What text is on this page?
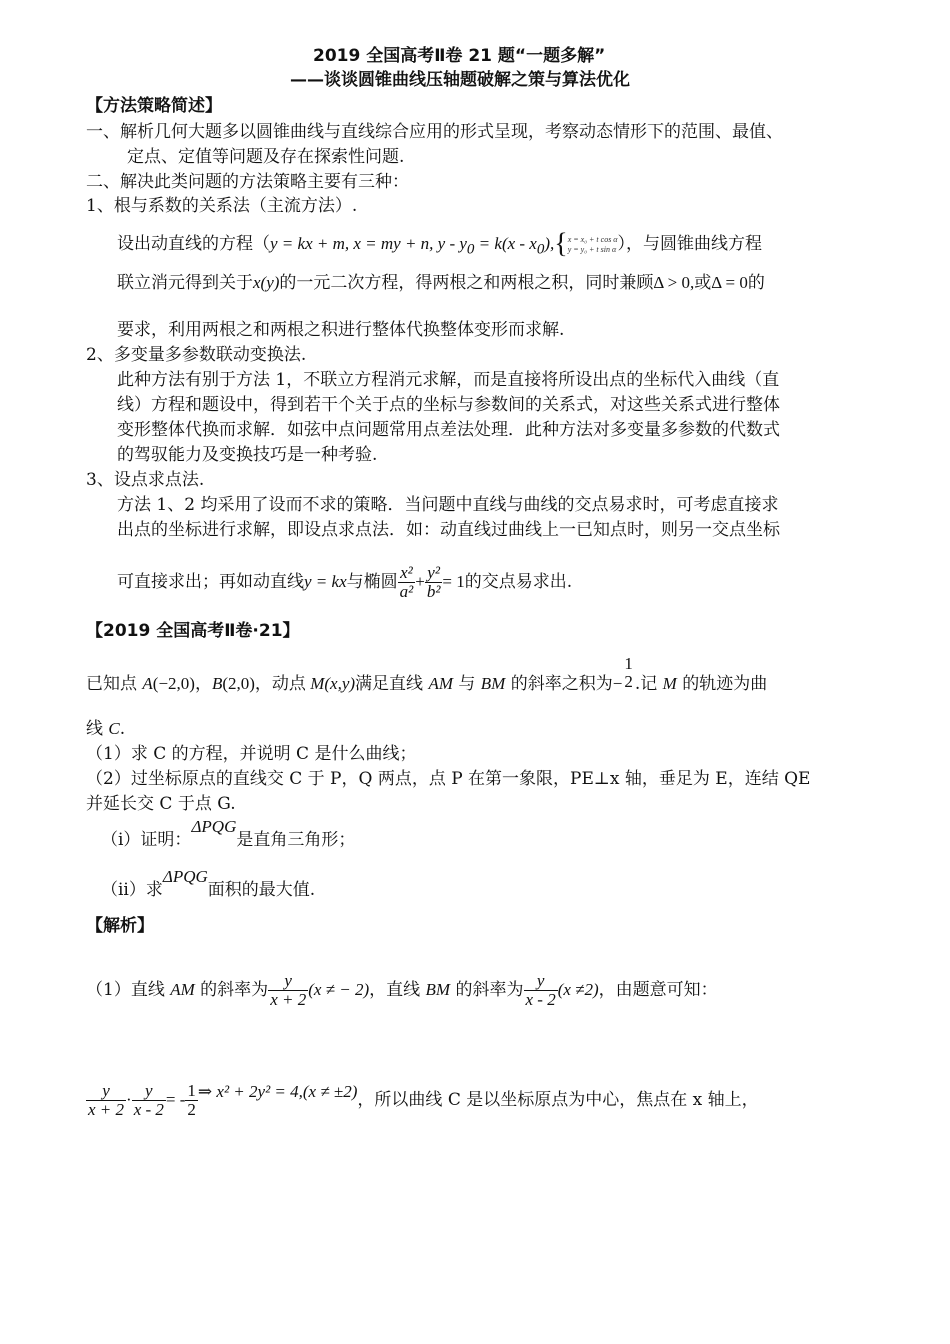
2019 全国高考Ⅱ卷 21 题“一题多解”
——谈谈圆锥曲线压轴题破解之策与算法优化
【方法策略简述】
一、解析几何大题多以圆锥曲线与直线综合应用的形式呈现，考察动态情形下的范围、最值、
定点、定值等问题及存在探索性问题.
二、解决此类问题的方法策略主要有三种：
1、根与系数的关系法（主流方法）.
设出动直线的方程（y = kx + m, x = my + n, $y - y_0 = k(x - x_0)$,{ x = x₀ + t cos α
y = y₀ + t sin α ），与圆锥曲线方程
联立消元得到关于x(y)的一元二次方程，得两根之和两根之积，同时兼顾Δ > 0,或Δ = 0的
要求，利用两根之和两根之积进行整体代换整体变形而求解.
2、多变量多参数联动变换法.
此种方法有别于方法 1，不联立方程消元求解，而是直接将所设出点的坐标代入曲线（直
线）方程和题设中，得到若干个关于点的坐标与参数间的关系式，对这些关系式进行整体
变形整体代换而求解．如弦中点问题常用点差法处理．此种方法对多变量多参数的代数式
的驾驭能力及变换技巧是一种考验.
3、设点求点法.
方法 1、2 均采用了设而不求的策略．当问题中直线与曲线的交点易求时，可考虑直接求
出点的坐标进行求解，即设点求点法．如：动直线过曲线上一已知点时，则另一交点坐标
可直接求出；再如动直线y = kx与椭圆 $\frac{\text{x²}}{\text{a²}} + \frac{\text{y²}}{\text{b²}} = 1$的交点易求出.
【2019 全国高考Ⅱ卷·21】
已知点 A(−2,0)，B(2,0)，动点 M(x,y)满足直线 AM 与 BM 的斜率之积为−
1
2 .记 M 的轨迹为曲
线 C.
（1）求 C 的方程，并说明 C 是什么曲线；
（2）过坐标原点的直线交 C 于 P，Q 两点，点 P 在第一象限，PE⊥x 轴，垂足为 E，连结 QE
并延长交 C 于点 G.
（i）证明：ΔPQG是直角三角形；
（ii）求ΔPQG面积的最大值.
【解析】
（1）直线 AM 的斜率为 $\frac{y}{x + 2} (x$ ≠ − 2)，直线 BM 的斜率为 $\frac{y}{x - 2} (x \ne 2)$，由题意可知：
$\frac{y}{x + 2} \cdot \frac{y}{x - 2}$ = - $\frac{1}{2}$ ⇒ x² + 2y² = 4,(x ≠ ±2)，所以曲线 C 是以坐标原点为中心，焦点在 x 轴上，
